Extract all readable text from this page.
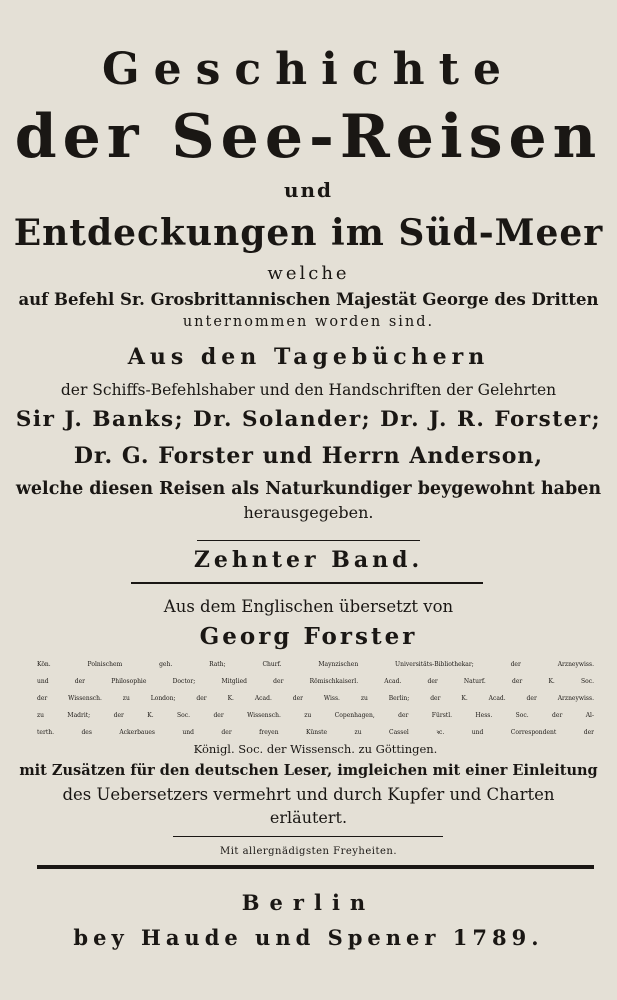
Geschichte
der See-Reisen
und
Entdeckungen im Süd-Meer
welche
auf Befehl Sr. Grosbrittannischen Majestät George des Dritten
unternommen worden sind.
Aus den Tagebüchern
der Schiffs-Befehlshaber und den Handschriften der Gelehrten
Sir J. Banks; Dr. Solander; Dr. J. R. Forster;
Dr. G. Forster und Herrn Anderson,
welche diesen Reisen als Naturkundiger beygewohnt haben
herausgegeben.
Zehnter Band.
Aus dem Englischen übersetzt von
Georg Forster
Kön. Polnischem geh. Rath; Churf. Maynzischen Universitäts-Bibliothekar; der Arzneywiss.
und der Philosophie Doctor; Mitglied der Römischkaiserl. Acad. der Naturf. der K. Soc.
der Wissensch. zu London; der K. Acad. der Wiss. zu Berlin; der K. Acad. der Arzneywiss.
zu Madrit; der K. Soc. der Wissensch. zu Copenhagen, der Fürstl. Hess. Soc. der Al-
terth. des Ackerbaues und der freyen Künste zu Cassel ꝛc. und Correspondent der
Königl. Soc. der Wissensch. zu Göttingen.
mit Zusätzen für den deutschen Leser, imgleichen mit einer Einleitung
des Uebersetzers vermehrt und durch Kupfer und Charten
erläutert.
Mit allergnädigsten Freyheiten.
Berlin
bey Haude und Spener 1789.
